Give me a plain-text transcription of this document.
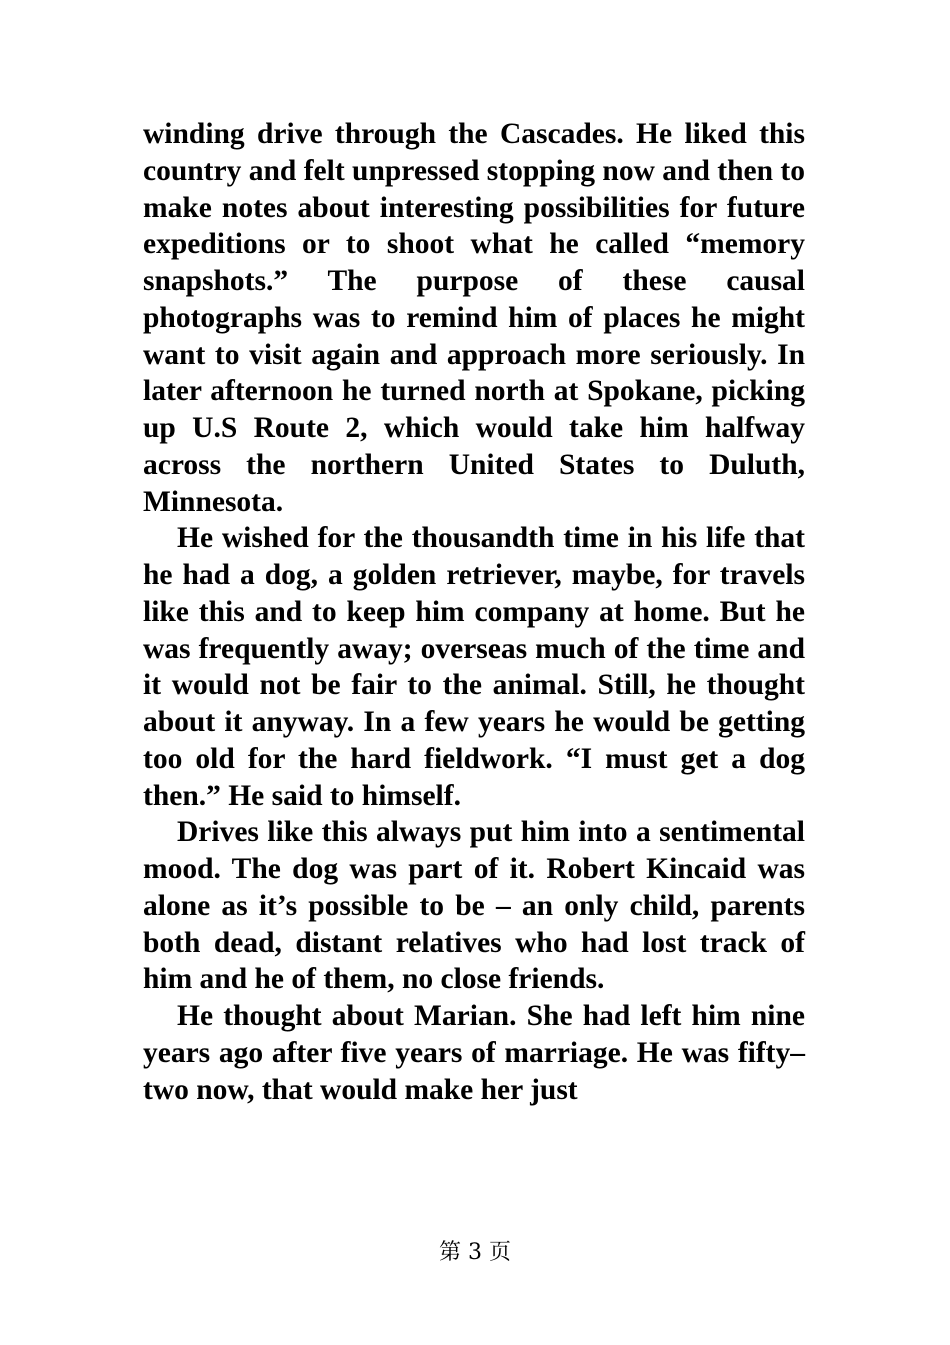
winding drive through the Cascades. He liked this country and felt unpressed stopping now and then to make notes about interesting possibilities for future expeditions or to shoot what he called “memory snapshots.” The purpose of these causal photographs was to remind him of places he might want to visit again and approach more seriously. In later afternoon he turned north at Spokane, picking up U.S Route 2, which would take him halfway across the northern United States to Duluth, Minnesota.

He wished for the thousandth time in his life that he had a dog, a golden retriever, maybe, for travels like this and to keep him company at home. But he was frequently away; overseas much of the time and it would not be fair to the animal. Still, he thought about it anyway. In a few years he would be getting too old for the hard fieldwork. “I must get a dog then.” He said to himself.

Drives like this always put him into a sentimental mood. The dog was part of it. Robert Kincaid was alone as it’s possible to be – an only child, parents both dead, distant relatives who had lost track of him and he of them, no close friends.

He thought about Marian. She had left him nine years ago after five years of marriage. He was fifty–two now, that would make her just

第 3 页
